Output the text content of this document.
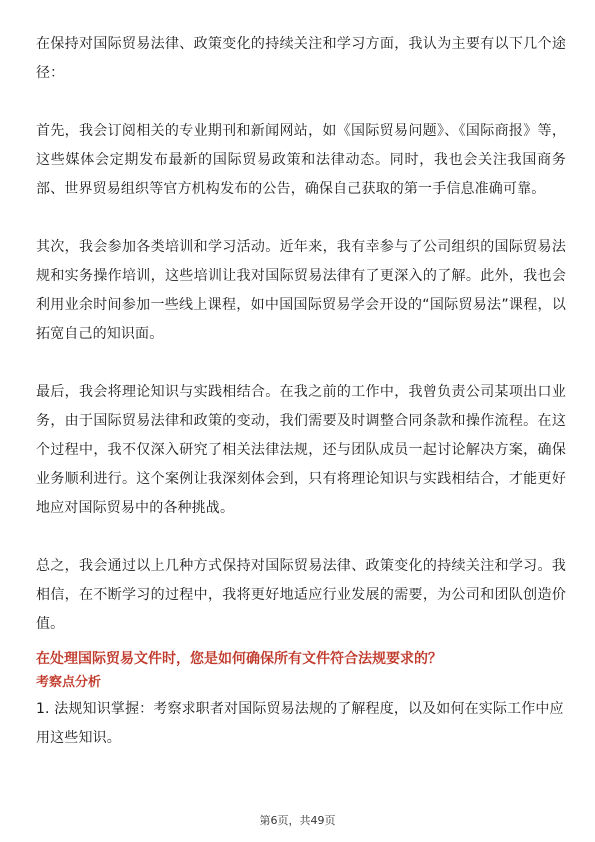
在保持对国际贸易法律、政策变化的持续关注和学习方面，我认为主要有以下几个途径：

首先，我会订阅相关的专业期刊和新闻网站，如《国际贸易问题》、《国际商报》等，这些媒体会定期发布最新的国际贸易政策和法律动态。同时，我也会关注我国商务部、世界贸易组织等官方机构发布的公告，确保自己获取的第一手信息准确可靠。

其次，我会参加各类培训和学习活动。近年来，我有幸参与了公司组织的国际贸易法规和实务操作培训，这些培训让我对国际贸易法律有了更深入的了解。此外，我也会利用业余时间参加一些线上课程，如中国国际贸易学会开设的“国际贸易法”课程，以拓宽自己的知识面。

最后，我会将理论知识与实践相结合。在我之前的工作中，我曾负责公司某项出口业务，由于国际贸易法律和政策的变动，我们需要及时调整合同条款和操作流程。在这个过程中，我不仅深入研究了相关法律法规，还与团队成员一起讨论解决方案，确保业务顺利进行。这个案例让我深刻体会到，只有将理论知识与实践相结合，才能更好地应对国际贸易中的各种挑战。

总之，我会通过以上几种方式保持对国际贸易法律、政策变化的持续关注和学习。我相信，在不断学习的过程中，我将更好地适应行业发展的需要，为公司和团队创造价值。

在处理国际贸易文件时，您是如何确保所有文件符合法规要求的？

考察点分析

1. 法规知识掌握：考察求职者对国际贸易法规的了解程度，以及如何在实际工作中应用这些知识。

第6页，共49页
